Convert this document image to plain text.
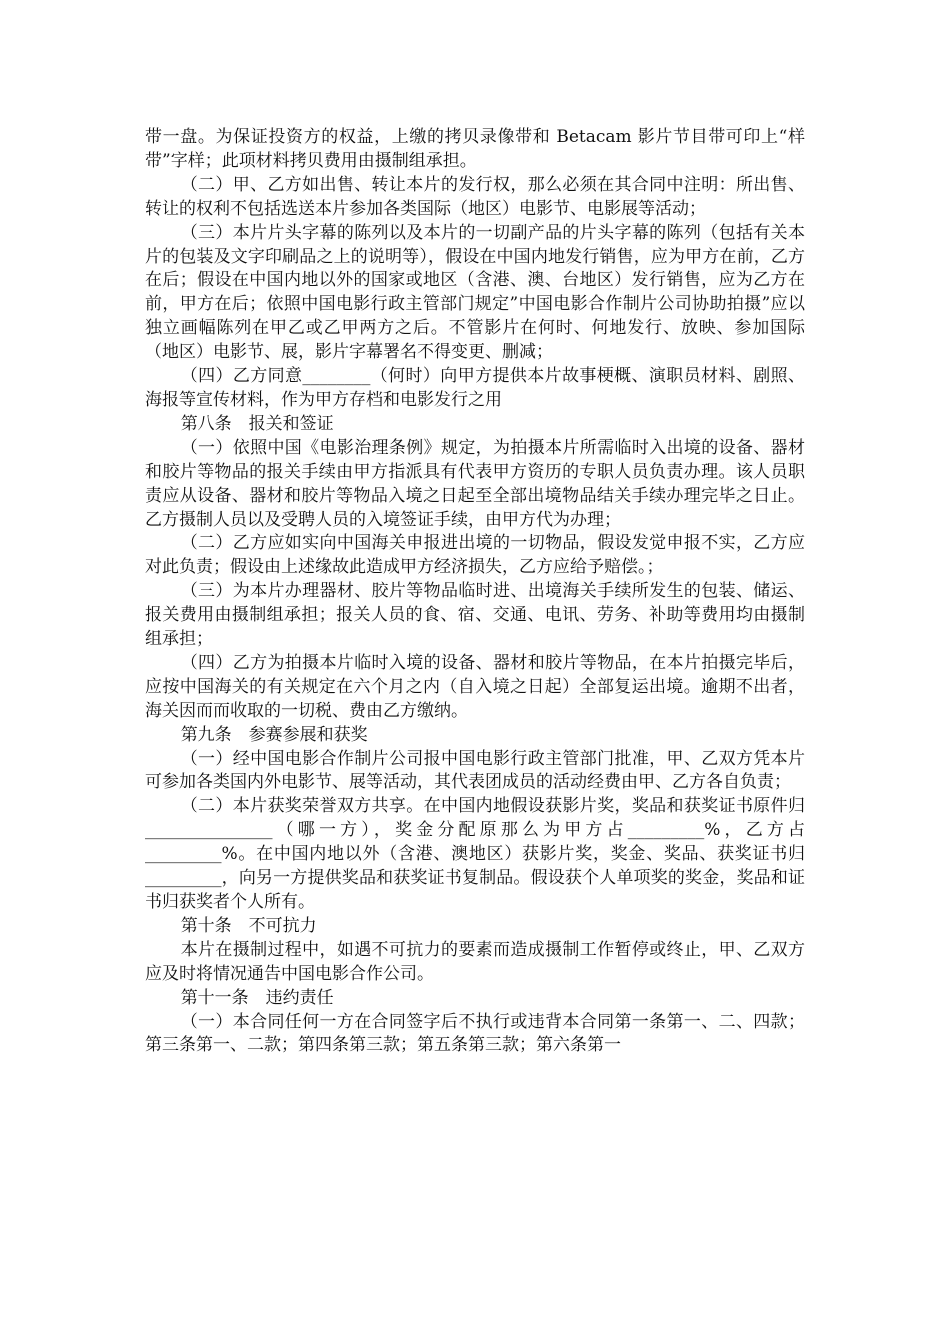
带一盘。为保证投资方的权益，上缴的拷贝录像带和 Betacam 影片节目带可印上“样带”字样；此项材料拷贝费用由摄制组承担。

（二）甲、乙方如出售、转让本片的发行权，那么必须在其合同中注明：所出售、转让的权利不包括选送本片参加各类国际（地区）电影节、电影展等活动；

（三）本片片头字幕的陈列以及本片的一切副产品的片头字幕的陈列（包括有关本片的包装及文字印刷品之上的说明等），假设在中国内地发行销售，应为甲方在前，乙方在后；假设在中国内地以外的国家或地区（含港、澳、台地区）发行销售，应为乙方在前，甲方在后；依照中国电影行政主管部门规定”中国电影合作制片公司协助拍摄”应以独立画幅陈列在甲乙或乙甲两方之后。不管影片在何时、何地发行、放映、参加国际（地区）电影节、展，影片字幕署名不得变更、删减；

（四）乙方同意________（何时）向甲方提供本片故事梗概、演职员材料、剧照、海报等宣传材料，作为甲方存档和电影发行之用

第八条　报关和签证

（一）依照中国《电影治理条例》规定，为拍摄本片所需临时入出境的设备、器材和胶片等物品的报关手续由甲方指派具有代表甲方资历的专职人员负责办理。该人员职责应从设备、器材和胶片等物品入境之日起至全部出境物品结关手续办理完毕之日止。乙方摄制人员以及受聘人员的入境签证手续，由甲方代为办理；

（二）乙方应如实向中国海关申报进出境的一切物品，假设发觉申报不实，乙方应对此负责；假设由上述缘故此造成甲方经济损失，乙方应给予赔偿。；

（三）为本片办理器材、胶片等物品临时进、出境海关手续所发生的包装、储运、报关费用由摄制组承担；报关人员的食、宿、交通、电讯、劳务、补助等费用均由摄制组承担；

（四）乙方为拍摄本片临时入境的设备、器材和胶片等物品，在本片拍摄完毕后，应按中国海关的有关规定在六个月之内（自入境之日起）全部复运出境。逾期不出者，海关因而而收取的一切税、费由乙方缴纳。

第九条　参赛参展和获奖

（一）经中国电影合作制片公司报中国电影行政主管部门批准，甲、乙双方凭本片可参加各类国内外电影节、展等活动，其代表团成员的活动经费由甲、乙方各自负责；

（二）本片获奖荣誉双方共享。在中国内地假设获影片奖，奖品和获奖证书原件归_______________（哪一方），奖金分配原那么为甲方占_________%，乙方占_________%。在中国内地以外（含港、澳地区）获影片奖，奖金、奖品、获奖证书归_________，向另一方提供奖品和获奖证书复制品。假设获个人单项奖的奖金，奖品和证书归获奖者个人所有。

第十条　不可抗力

本片在摄制过程中，如遇不可抗力的要素而造成摄制工作暂停或终止，甲、乙双方应及时将情况通告中国电影合作公司。

第十一条　违约责任

（一）本合同任何一方在合同签字后不执行或违背本合同第一条第一、二、四款；第三条第一、二款；第四条第三款；第五条第三款；第六条第一
